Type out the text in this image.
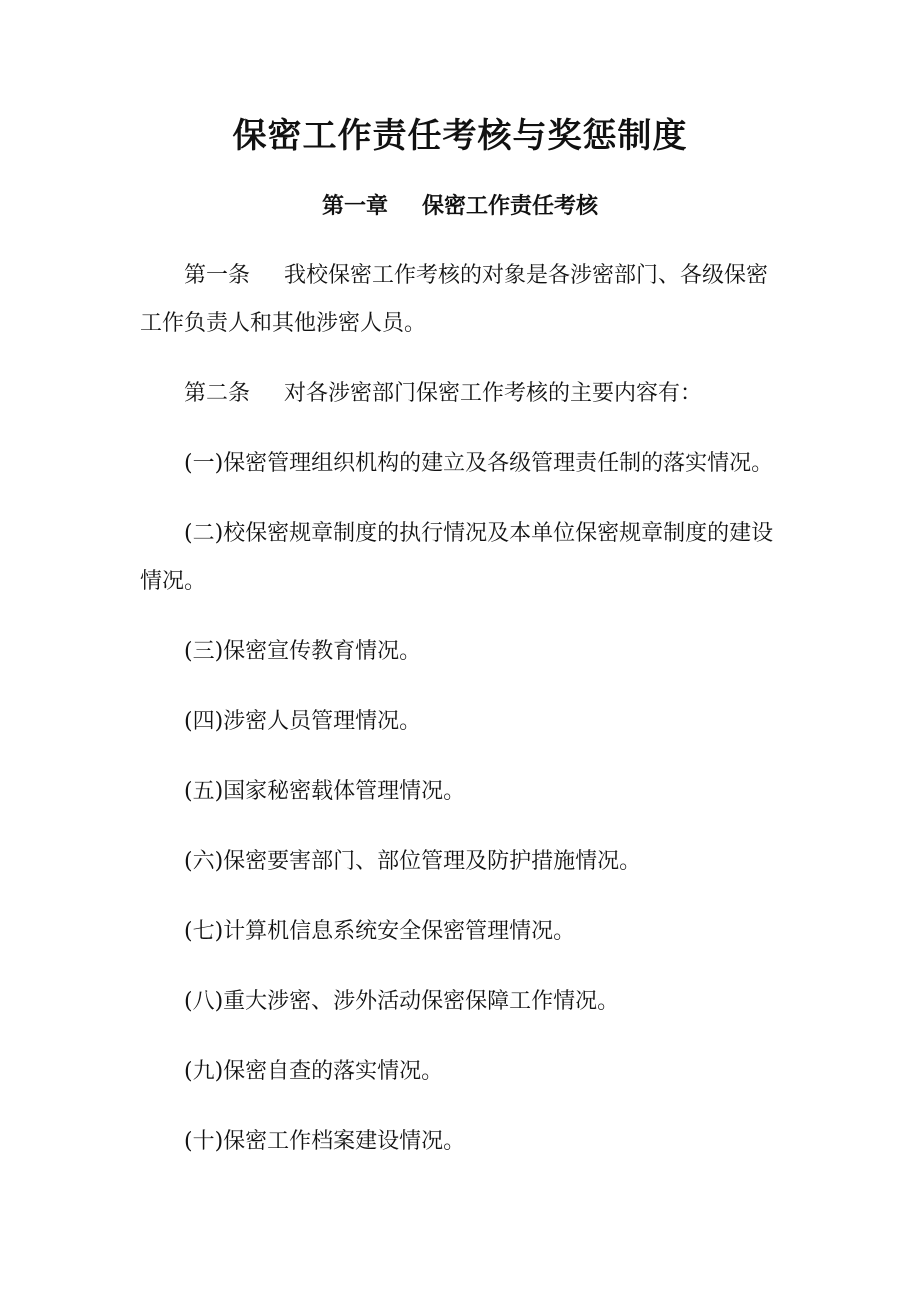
保密工作责任考核与奖惩制度
第一章 保密工作责任考核
第一条 我校保密工作考核的对象是各涉密部门、各级保密工作负责人和其他涉密人员。
第二条 对各涉密部门保密工作考核的主要内容有：
(一)保密管理组织机构的建立及各级管理责任制的落实情况。
(二)校保密规章制度的执行情况及本单位保密规章制度的建设情况。
(三)保密宣传教育情况。
(四)涉密人员管理情况。
(五)国家秘密载体管理情况。
(六)保密要害部门、部位管理及防护措施情况。
(七)计算机信息系统安全保密管理情况。
(八)重大涉密、涉外活动保密保障工作情况。
(九)保密自查的落实情况。
(十)保密工作档案建设情况。
